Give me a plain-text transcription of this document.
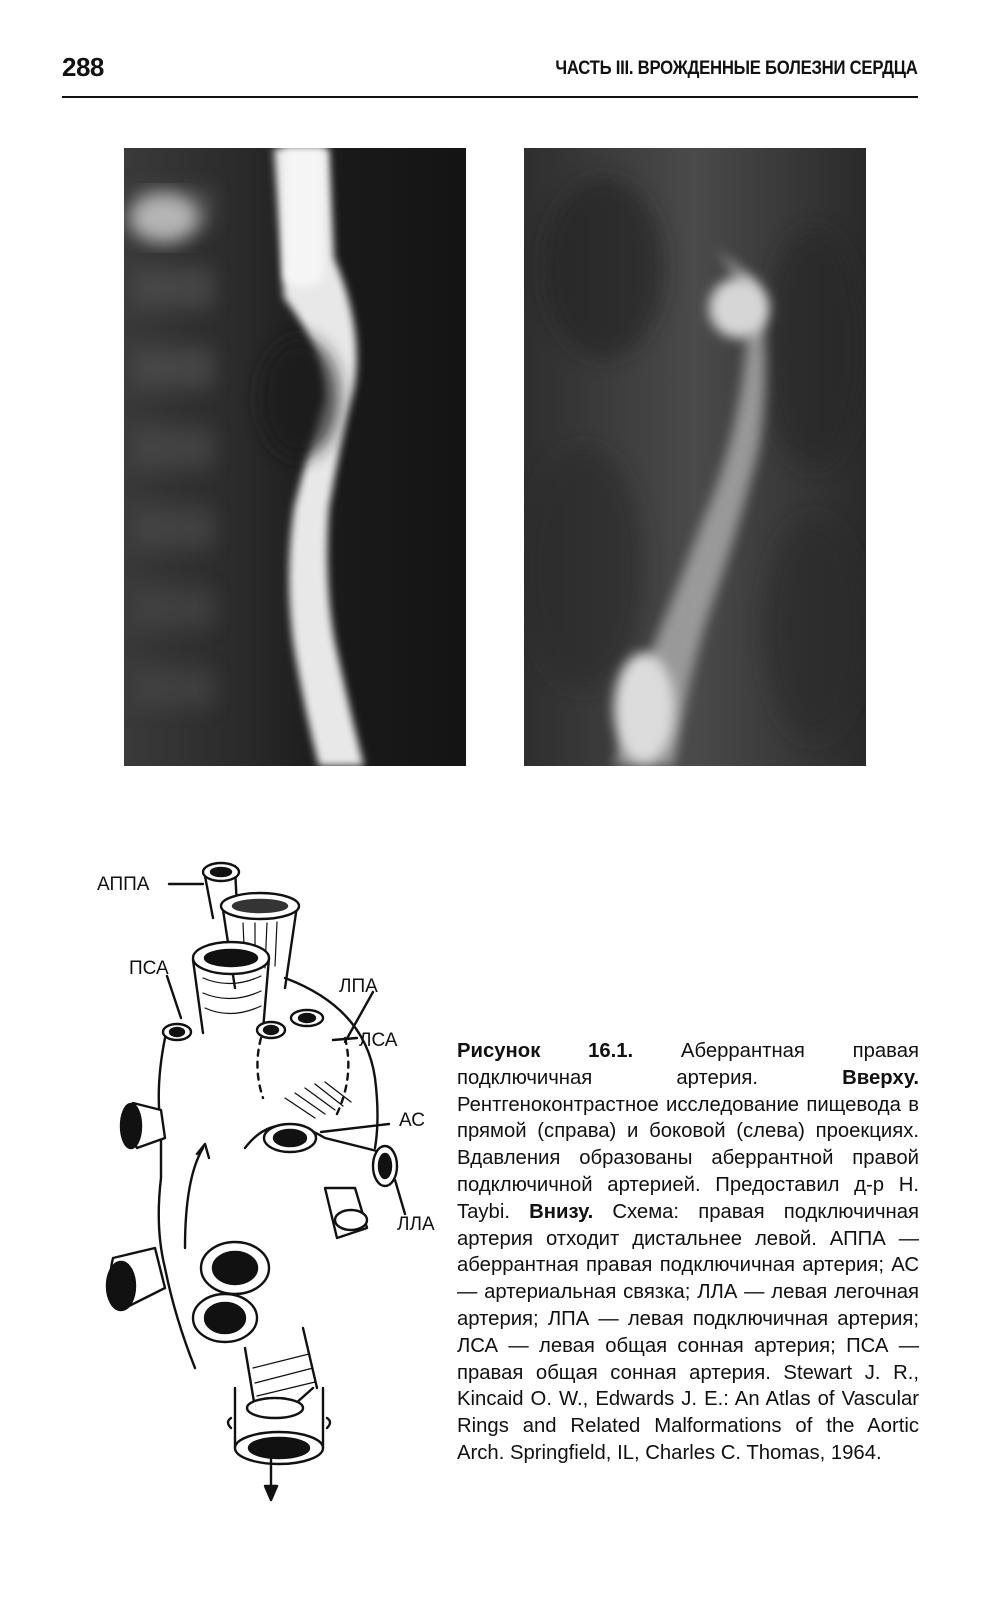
288	ЧАСТЬ III. ВРОЖДЕННЫЕ БОЛЕЗНИ СЕРДЦА
АППА
ПСА
ЛПА
ЛСА
АС
ЛЛА
Рисунок 16.1. Аберрантная правая подключичная артерия. Вверху. Рентгеноконтрастное исследование пищевода в прямой (справа) и боковой (слева) проекциях. Вдавления образованы аберрантной правой подключичной артерией. Предоставил д-р H. Taybi. Внизу. Схема: правая подключичная артерия отходит дистальнее левой. АППА — аберрантная правая подключичная артерия; АС — артериальная связка; ЛЛА — левая легочная артерия; ЛПА — левая подключичная артерия; ЛСА — левая общая сонная артерия; ПСА — правая общая сонная артерия. Stewart J. R., Kincaid O. W., Edwards J. E.: An Atlas of Vascular Rings and Related Malformations of the Aortic Arch. Springfield, IL, Charles C. Thomas, 1964.
